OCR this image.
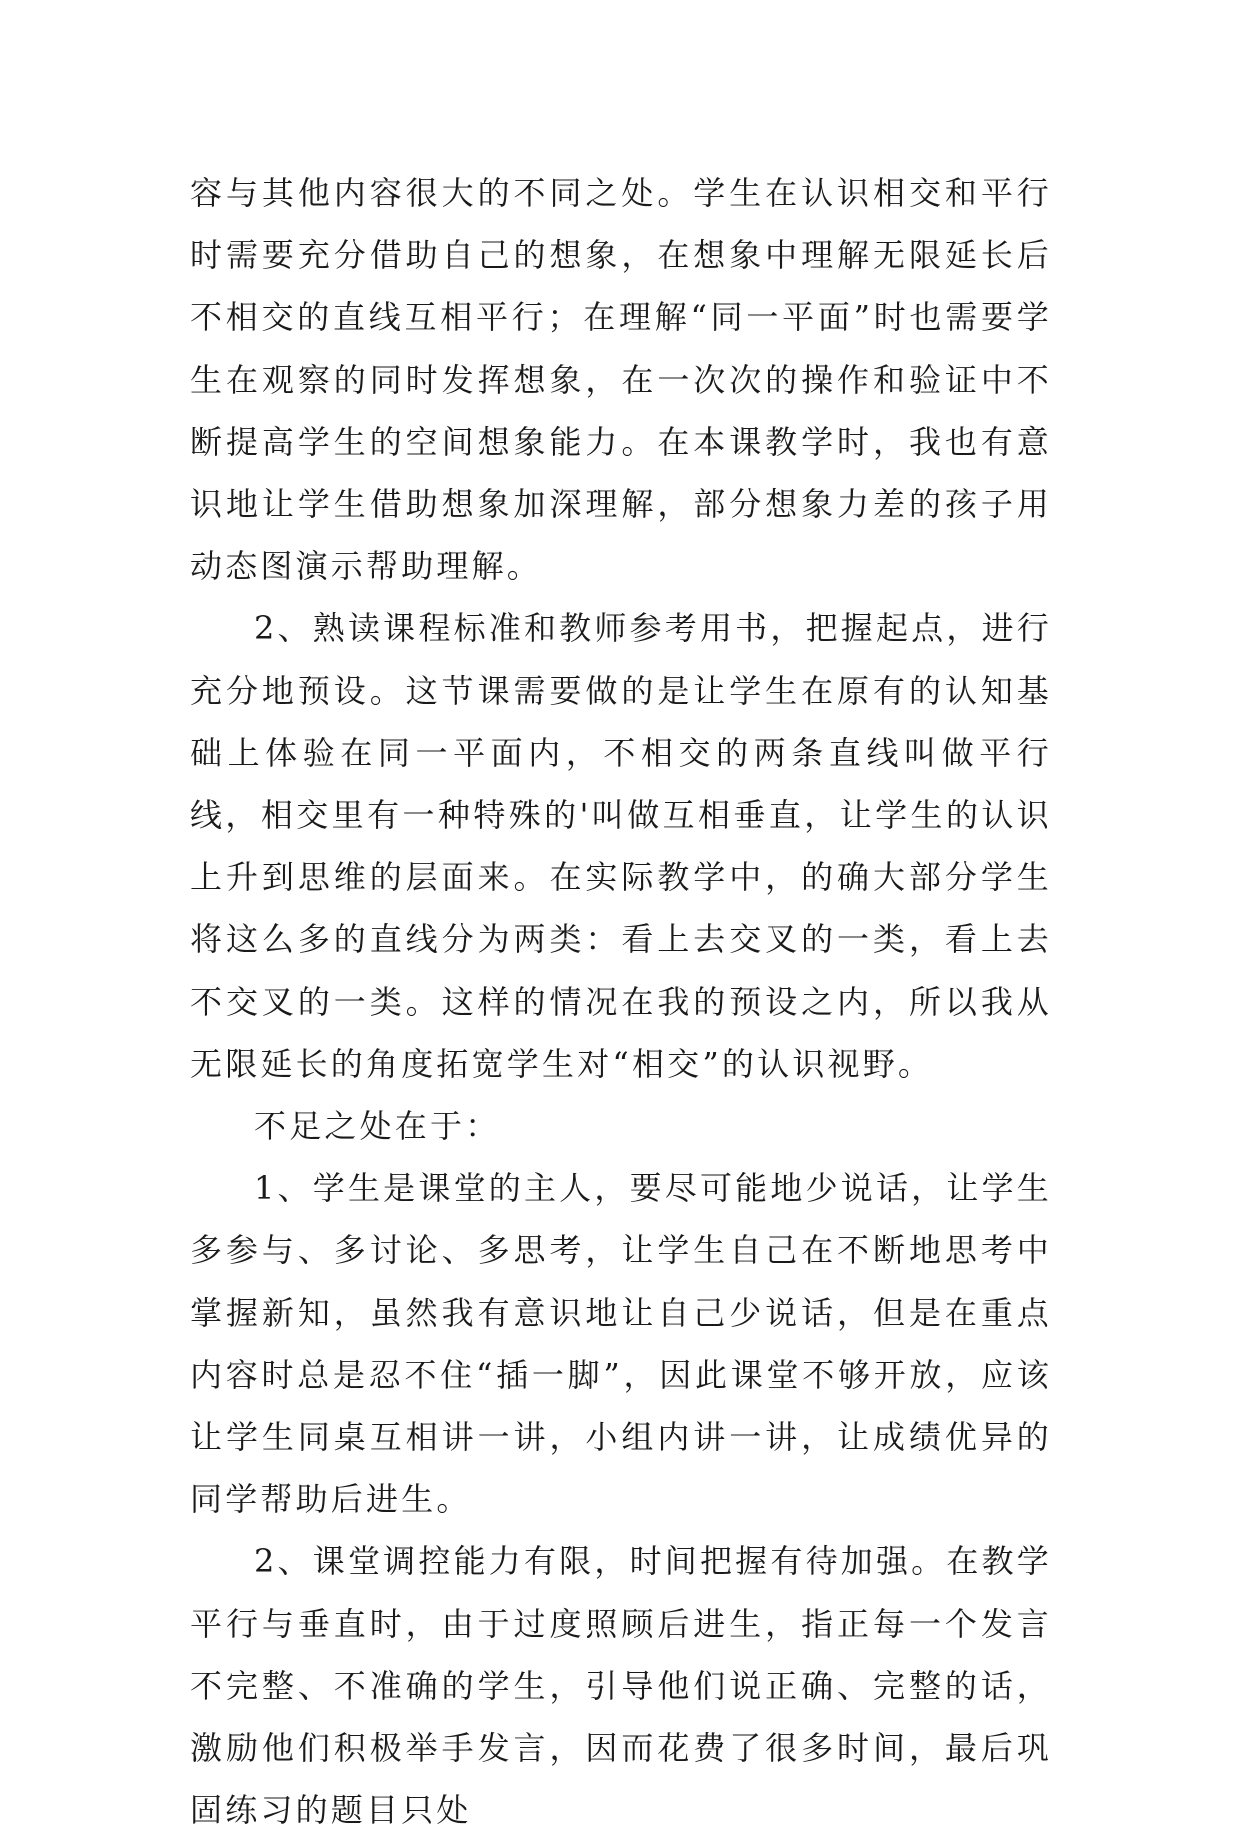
容与其他内容很大的不同之处。学生在认识相交和平行时需要充分借助自己的想象，在想象中理解无限延长后不相交的直线互相平行；在理解“同一平面”时也需要学生在观察的同时发挥想象，在一次次的操作和验证中不断提高学生的空间想象能力。在本课教学时，我也有意识地让学生借助想象加深理解，部分想象力差的孩子用动态图演示帮助理解。

2、熟读课程标准和教师参考用书，把握起点，进行充分地预设。这节课需要做的是让学生在原有的认知基础上体验在同一平面内，不相交的两条直线叫做平行线，相交里有一种特殊的'叫做互相垂直，让学生的认识上升到思维的层面来。在实际教学中，的确大部分学生将这么多的直线分为两类：看上去交叉的一类，看上去不交叉的一类。这样的情况在我的预设之内，所以我从无限延长的角度拓宽学生对“相交”的认识视野。

不足之处在于：

1、学生是课堂的主人，要尽可能地少说话，让学生多参与、多讨论、多思考，让学生自己在不断地思考中掌握新知，虽然我有意识地让自己少说话，但是在重点内容时总是忍不住“插一脚”，因此课堂不够开放，应该让学生同桌互相讲一讲，小组内讲一讲，让成绩优异的同学帮助后进生。

2、课堂调控能力有限，时间把握有待加强。在教学平行与垂直时，由于过度照顾后进生，指正每一个发言不完整、不准确的学生，引导他们说正确、完整的话，激励他们积极举手发言，因而花费了很多时间，最后巩固练习的题目只处
